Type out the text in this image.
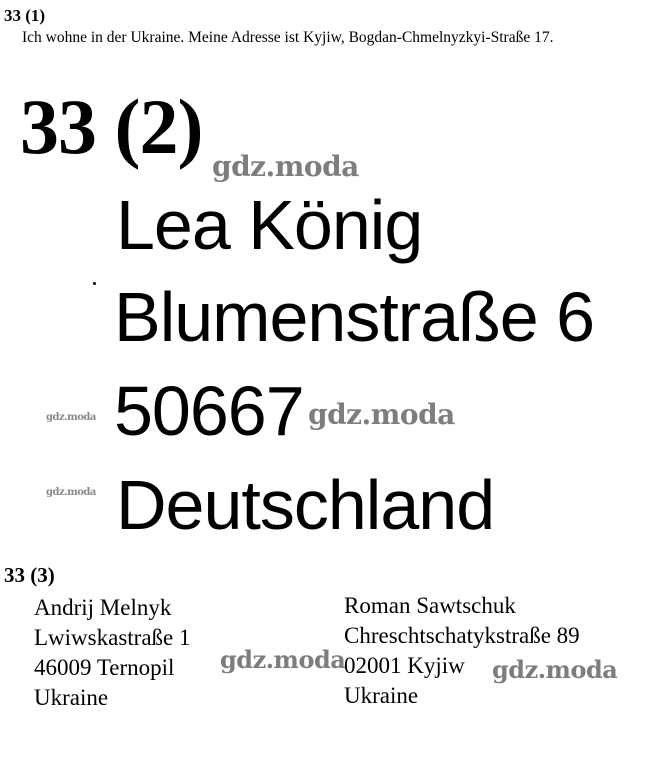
33 (1)
Ich wohne in der Ukraine. Meine Adresse ist Kyjiw, Bogdan-Chmelnyzkyi-Straße 17.
33 (2) gdz.moda
Lea König
Blumenstraße 6
gdz.moda 50667 gdz.moda
gdz.moda Deutschland
33 (3)
Andrij Melnyk
Lwiwskastraße 1
46009 Ternopil
Ukraine
Roman Sawtschuk
Chreschtschatykstraße 89
02001 Kyjiw
Ukraine
gdz.moda	gdz.moda
